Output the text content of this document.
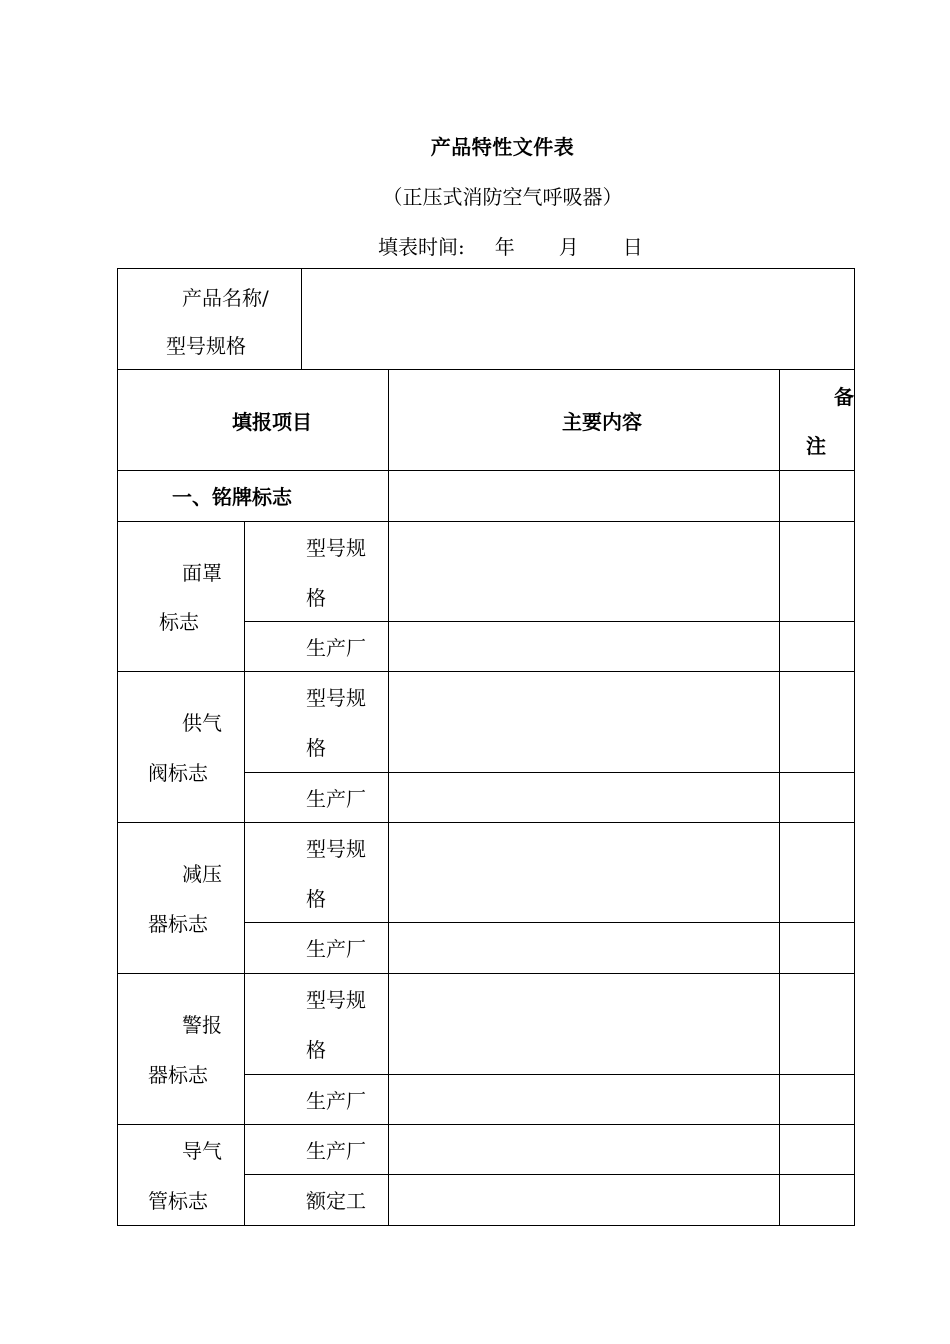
产品特性文件表
（正压式消防空气呼吸器）
填表时间: 年 月 日
产品名称/
型号规格
填报项目	主要内容
备
注
一、铭牌标志
面罩
标志
型号规
格
生产厂
供气
阀标志
型号规
格
生产厂
减压
器标志
型号规
格
生产厂
警报
器标志
型号规
格
生产厂
导气
管标志
生产厂
额定工
